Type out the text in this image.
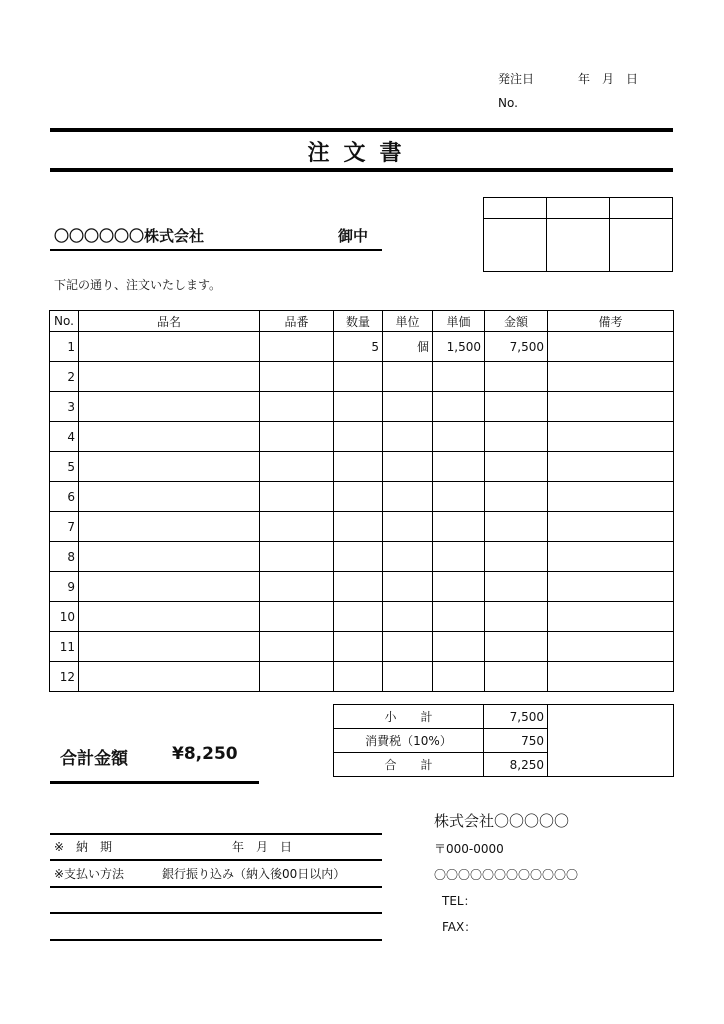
発注日	年　月　日
No.
注文書
〇〇〇〇〇〇株式会社	御中

下記の通り、注文いたします。
No.	品名	品番	数量	単位	単価	金額	備考
1			5	個	1,500	7,500	
2							
3							
4							
5							
6							
7							
8							
9							
10							
11							
12							
小　　計	7,500	
消費税（10%）	750	
合　　計	8,250	
合計金額	¥8,250
※　納　期	年　月　日
※支払い方法	銀行振り込み（納入後00日以内）
株式会社〇〇〇〇〇
〒000-0000
〇〇〇〇〇〇〇〇〇〇〇〇
TEL：
FAX：
